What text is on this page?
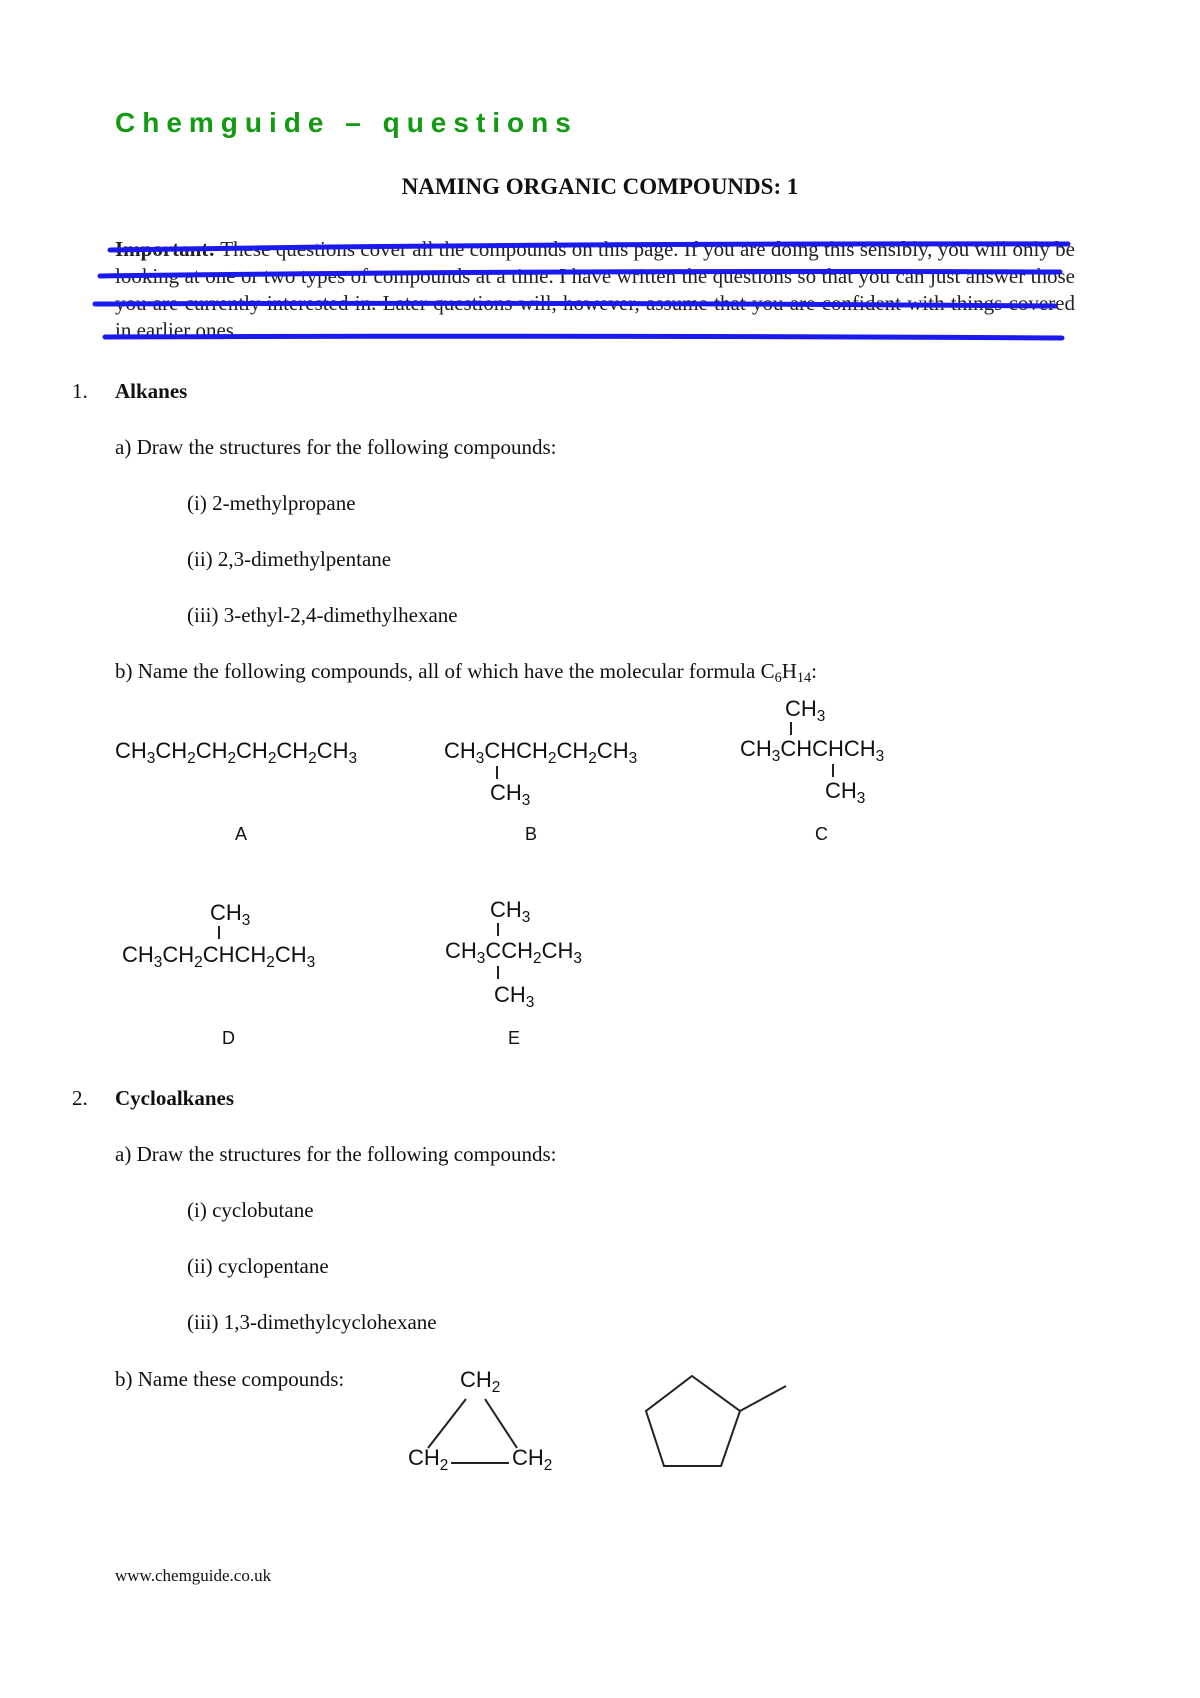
Chemguide – questions
NAMING ORGANIC COMPOUNDS: 1
Important: These questions cover all the compounds on this page. If you are doing this sensibly, you will only be looking at one or two types of compounds at a time. I have written the questions so that you can just answer those you are currently interested in. Later questions will, however, assume that you are confident with things covered in earlier ones.
1. Alkanes
a) Draw the structures for the following compounds:
(i) 2-methylpropane
(ii) 2,3-dimethylpentane
(iii) 3-ethyl-2,4-dimethylhexane
b) Name the following compounds, all of which have the molecular formula C6H14:
$CH_3CH_2CH_2CH_2CH_2CH_3$
A
$CH_3CHCH_2CH_2CH_3$
$CH_3$
B
$CH_3$
$CH_3CHCHCH_3$
$CH_3$
C
$CH_3$
$CH_3CH_2CHCH_2CH_3$
D
$CH_3$
$CH_3CCH_2CH_3$
$CH_3$
E
2. Cycloalkanes
a) Draw the structures for the following compounds:
(i) cyclobutane
(ii) cyclopentane
(iii) 1,3-dimethylcyclohexane
b) Name these compounds:	$CH_2$
$CH_2$	$CH_2$
www.chemguide.co.uk
